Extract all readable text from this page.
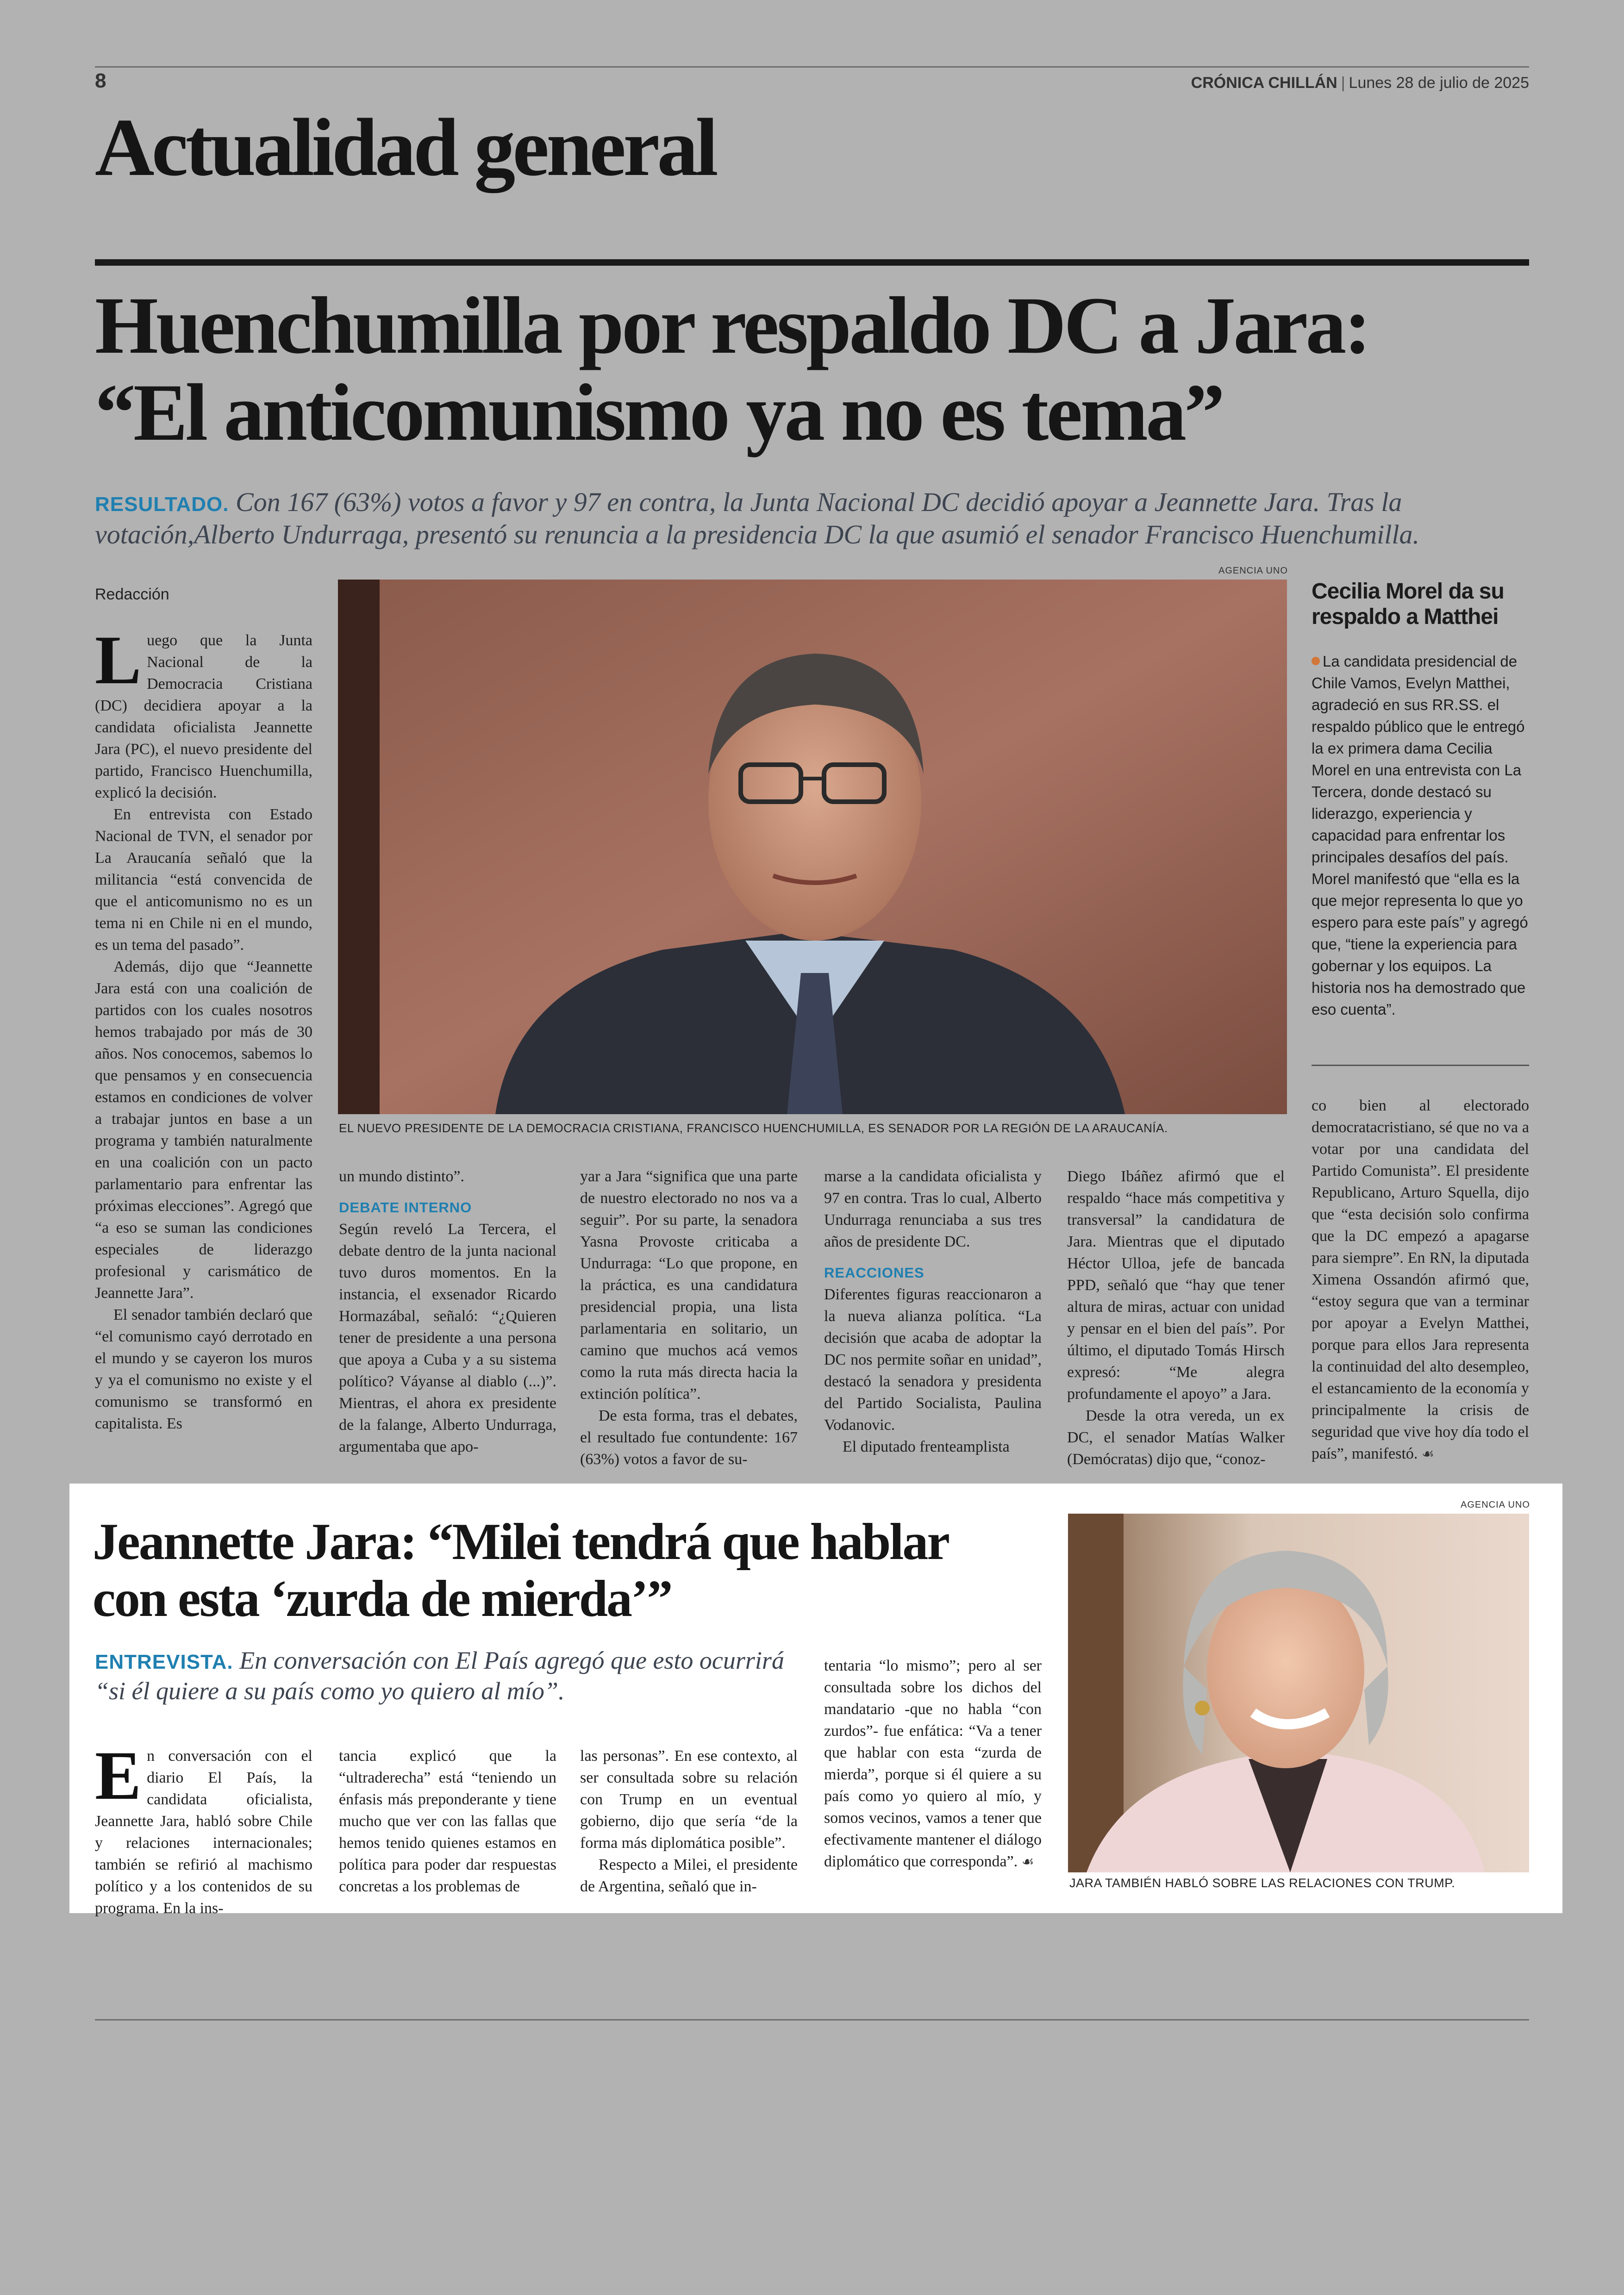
8	CRÓNICA CHILLÁN | Lunes 28 de julio de 2025
Actualidad general
Huenchumilla por respaldo DC a Jara:
“El anticomunismo ya no es tema”
RESULTADO. Con 167 (63%) votos a favor y 97 en contra, la Junta Nacional DC decidió apoyar a Jeannette Jara. Tras la votación,Alberto Undurraga, presentó su renuncia a la presidencia DC la que asumió el senador Francisco Huenchumilla.
Redacción
AGENCIA UNO
EL NUEVO PRESIDENTE DE LA DEMOCRACIA CRISTIANA, FRANCISCO HUENCHUMILLA, ES SENADOR POR LA REGIÓN DE LA ARAUCANÍA.
L uego que la Junta Nacional de la Democracia Cristiana (DC) decidiera apoyar a la candidata oficialista Jeannette Jara (PC), el nuevo presidente del partido, Francisco Huenchumilla, explicó la decisión.

En entrevista con Estado Nacional de TVN, el senador por La Araucanía señaló que la militancia “está convencida de que el anticomunismo no es un tema ni en Chile ni en el mundo, es un tema del pasado”.

Además, dijo que “Jeannette Jara está con una coalición de partidos con los cuales nosotros hemos trabajado por más de 30 años. Nos conocemos, sabemos lo que pensamos y en consecuencia estamos en condiciones de volver a trabajar juntos en base a un programa y también naturalmente en una coalición con un pacto parlamentario para enfrentar las próximas elecciones”. Agregó que “a eso se suman las condiciones especiales de liderazgo profesional y carismático de Jeannette Jara”.

El senador también declaró que “el comunismo cayó derrotado en el mundo y se cayeron los muros y ya el comunismo no existe y el comunismo se transformó en capitalista. Es

un mundo distinto”.

DEBATE INTERNO

Según reveló La Tercera, el debate dentro de la junta nacional tuvo duros momentos. En la instancia, el exsenador Ricardo Hormazábal, señaló: “¿Quieren tener de presidente a una persona que apoya a Cuba y a su sistema político? Váyanse al diablo (...)”. Mientras, el ahora ex presidente de la falange, Alberto Undurraga, argumentaba que apo-

yar a Jara “significa que una parte de nuestro electorado no nos va a seguir”. Por su parte, la senadora Yasna Provoste criticaba a Undurraga: “Lo que propone, en la práctica, es una candidatura presidencial propia, una lista parlamentaria en solitario, un camino que muchos acá vemos como la ruta más directa hacia la extinción política”.

De esta forma, tras el debates, el resultado fue contundente: 167 (63%) votos a favor de su-

marse a la candidata oficialista y 97 en contra. Tras lo cual, Alberto Undurraga renunciaba a sus tres años de presidente DC.

REACCIONES

Diferentes figuras reaccionaron a la nueva alianza política. “La decisión que acaba de adoptar la DC nos permite soñar en unidad”, destacó la senadora y presidenta del Partido Socialista, Paulina Vodanovic.

El diputado frenteamplista

Diego Ibáñez afirmó que el respaldo “hace más competitiva y transversal” la candidatura de Jara. Mientras que el diputado Héctor Ulloa, jefe de bancada PPD, señaló que “hay que tener altura de miras, actuar con unidad y pensar en el bien del país”. Por último, el diputado Tomás Hirsch expresó: “Me alegra profundamente el apoyo” a Jara.

Desde la otra vereda, un ex DC, el senador Matías Walker (Demócratas) dijo que, “conoz-

co bien al electorado democratacristiano, sé que no va a votar por una candidata del Partido Comunista”. El presidente Republicano, Arturo Squella, dijo que “esta decisión solo confirma que la DC empezó a apagarse para siempre”. En RN, la diputada Ximena Ossandón afirmó que, “estoy segura que van a terminar por apoyar a Evelyn Matthei, porque para ellos Jara representa la continuidad del alto desempleo, el estancamiento de la economía y principalmente la crisis de seguridad que vive hoy día todo el país”, manifestó. ☙

Cecilia Morel da su respaldo a Matthei
La candidata presidencial de Chile Vamos, Evelyn Matthei, agradeció en sus RR.SS. el respaldo público que le entregó la ex primera dama Cecilia Morel en una entrevista con La Tercera, donde destacó su liderazgo, experiencia y capacidad para enfrentar los principales desafíos del país. Morel manifestó que “ella es la que mejor representa lo que yo espero para este país” y agregó que, “tiene la experiencia para gobernar y los equipos. La historia nos ha demostrado que eso cuenta”.
Jeannette Jara: “Milei tendrá que hablar
con esta ‘zurda de mierda’”
ENTREVISTA. En conversación con El País agregó que esto ocurrirá “si él quiere a su país como yo quiero al mío”.
E n conversación con el diario El País, la candidata oficialista, Jeannette Jara, habló sobre Chile y relaciones internacionales; también se refirió al machismo político y a los contenidos de su programa. En la ins-

tancia explicó que la “ultraderecha” está “teniendo un énfasis más preponderante y tiene mucho que ver con las fallas que hemos tenido quienes estamos en política para poder dar respuestas concretas a los problemas de

las personas”. En ese contexto, al ser consultada sobre su relación con Trump en un eventual gobierno, dijo que sería “de la forma más diplomática posible”.

Respecto a Milei, el presidente de Argentina, señaló que in-

tentaria “lo mismo”; pero al ser consultada sobre los dichos del mandatario -que no habla “con zurdos”- fue enfática: “Va a tener que hablar con esta “zurda de mierda”, porque si él quiere a su país como yo quiero al mío, y somos vecinos, vamos a tener que efectivamente mantener el diálogo diplomático que corresponda”. ☙

AGENCIA UNO
JARA TAMBIÉN HABLÓ SOBRE LAS RELACIONES CON TRUMP.
